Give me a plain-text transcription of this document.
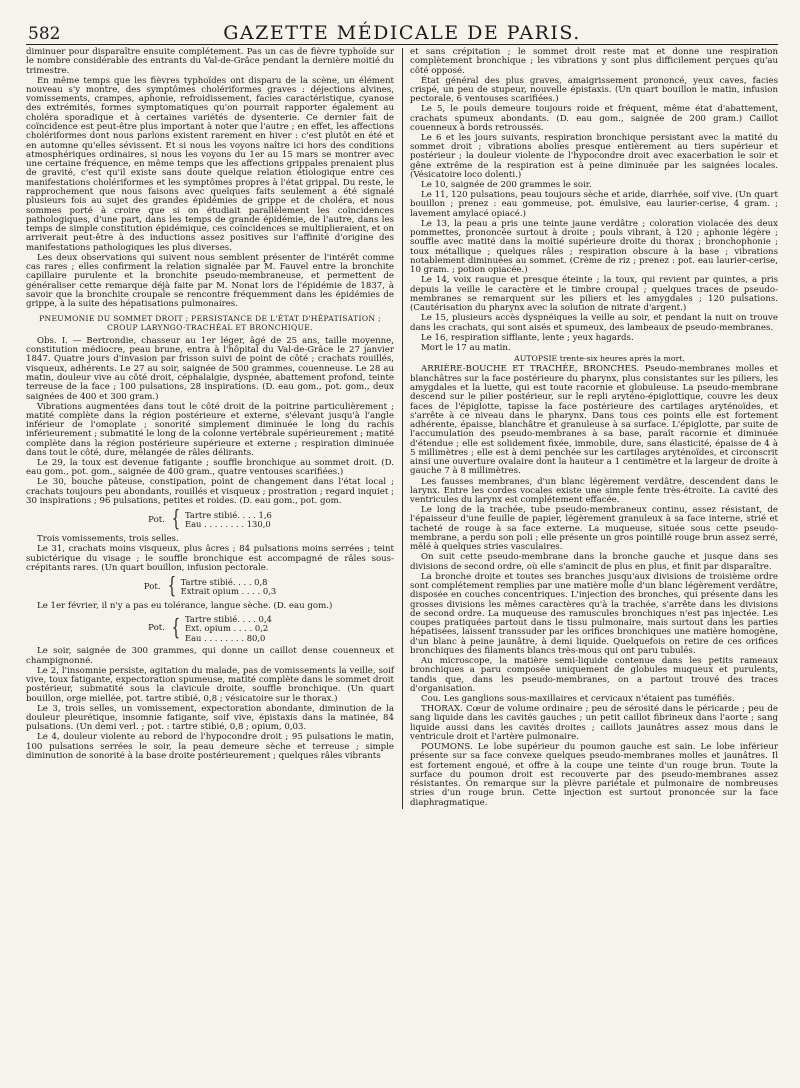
582	GAZETTE MÉDICALE DE PARIS.

diminuer pour disparaître ensuite complétement. Pas un cas de fièvre typhoïde sur le nombre considérable des entrants du Val-de-Grâce pendant la dernière moitié du trimestre.

En même temps que les fièvres typhoïdes ont disparu de la scène, un élément nouveau s'y montre, des symptômes cholériformes graves : déjections alvines, vomissements, crampes, aphonie, refroidissement, facies caractéristique, cyanose des extrémités, formes symptomatiques qu'on pourrait rapporter également au choléra sporadique et à certaines variétés de dysenterie. Ce dernier fait de coïncidence est peut-être plus important à noter que l'autre ; en effet, les affections cholériformes dont nous parlons existent rarement en hiver : c'est plutôt en été et en automne qu'elles sévissent. Et si nous les voyons naître ici hors des conditions atmosphériques ordinaires, si nous les voyons du 1er au 15 mars se montrer avec une certaine fréquence, en même temps que les affections grippales prenaient plus de gravité, c'est qu'il existe sans doute quelque relation étiologique entre ces manifestations cholériformes et les symptômes propres à l'état grippal. Du reste, le rapprochement que nous faisons avec quelques faits seulement a été signalé plusieurs fois au sujet des grandes épidémies de grippe et de choléra, et nous sommes porté à croire que si on étudiait parallèlement les coïncidences pathologiques, d'une part, dans les temps de grande épidémie, de l'autre, dans les temps de simple constitution épidémique, ces coïncidences se multiplieraient, et on arriverait peut-être à des inductions assez positives sur l'affinité d'origine des manifestations pathologiques les plus diverses.

Les deux observations qui suivent nous semblent présenter de l'intérêt comme cas rares ; elles confirment la relation signalée par M. Fauvel entre la bronchite capillaire purulente et la bronchite pseudo-membraneuse, et permettent de généraliser cette remarque déjà faite par M. Nonat lors de l'épidémie de 1837, à savoir que la bronchite croupale se rencontre fréquemment dans les épidémies de grippe, à la suite des hépatisations pulmonaires.

PNEUMONIE DU SOMMET DROIT ; PERSISTANCE DE L'ÉTAT D'HÉPATISATION ; CROUP LARYNGO-TRACHÉAL ET BRONCHIQUE.

Obs. I. — Bertrondie, chasseur au 1er léger, âgé de 25 ans, taille moyenne, constitution médiocre, peau brune, entra à l'hôpital du Val-de-Grâce le 27 janvier 1847. Quatre jours d'invasion par frisson suivi de point de côté ; crachats rouillés, visqueux, adhérents. Le 27 au soir, saignée de 500 grammes, couenneuse. Le 28 au matin, douleur vive au côté droit, céphalalgie, dyspnée, abattement profond, teinte terreuse de la face ; 100 pulsations, 28 inspirations. (D. eau gom., pot. gom., deux saignées de 400 et 300 gram.)

Vibrations augmentées dans tout le côté droit de la poitrine particulièrement ; matité complète dans la région postérieure et externe, s'élevant jusqu'à l'angle inférieur de l'omoplate ; sonorité simplement diminuée le long du rachis inférieurement ; submatité le long de la colonne vertébrale supérieurement ; matité complète dans la région postérieure supérieure et externe ; respiration diminuée dans tout le côté, dure, mélangée de râles délirants.

Le 29, la toux est devenue fatigante ; souffle bronchique au sommet droit. (D. eau gom., pot. gom., saignée de 400 gram., quatre ventouses scarifiées.)

Le 30, bouche pâteuse, constipation, point de changement dans l'état local ; crachats toujours peu abondants, rouillés et visqueux ; prostration ; regard inquiet ; 30 inspirations ; 96 pulsations, petites et roides. (D. eau gom., pot. gom.

Pot. { Tartre stibié. . . . 1,6
Eau . . . . . . . . 130,0

Trois vomissements, trois selles.

Le 31, crachats moins visqueux, plus âcres ; 84 pulsations moins serrées ; teint subictérique du visage ; le souffle bronchique est accompagné de râles sous-crépitants rares. (Un quart bouillon, infusion pectorale.

Pot. { Tartre stibié. . . . 0,8
Extrait opium . . . . 0,3

Le 1er février, il n'y a pas eu tolérance, langue sèche. (D. eau gom.)

Pot. { Tartre stibié. . . . 0,4
Ext. opium . . . . 0,2
Eau . . . . . . . . 80,0

Le soir, saignée de 300 grammes, qui donne un caillot dense couenneux et champignonné.

Le 2, l'insomnie persiste, agitation du malade, pas de vomissements la veille, soif vive, toux fatigante, expectoration spumeuse, matité complète dans le sommet droit postérieur, submatité sous la clavicule droite, souffle bronchique. (Un quart bouillon, orge miellée, pot. tartre stibié, 0,8 ; vésicatoire sur le thorax.)

Le 3, trois selles, un vomissement, expectoration abondante, diminution de la douleur pleurétique, insomnie fatigante, soif vive, épistaxis dans la matinée, 84 pulsations. (Un demi verl. ; pot. : tartre stibié, 0,8 ; opium, 0,03.

Le 4, douleur violente au rebord de l'hypocondre droit ; 95 pulsations le matin, 100 pulsations serrées le soir, la peau demeure sèche et terreuse ; simple diminution de sonorité à la base droite postérieurement ; quelques râles vibrants

et sans crépitation ; le sommet droit reste mat et donne une respiration complètement bronchique ; les vibrations y sont plus difficilement perçues qu'au côté opposé.

État général des plus graves, amaigrissement prononcé, yeux caves, facies crispé, un peu de stupeur, nouvelle épistaxis. (Un quart bouillon le matin, infusion pectorale, 6 ventouses scarifiées.)

Le 5, le pouls demeure toujours roide et fréquent, même état d'abattement, crachats spumeux abondants. (D. eau gom., saignée de 200 gram.) Caillot couenneux à bords retroussés.

Le 6 et les jours suivants, respiration bronchique persistant avec la matité du sommet droit ; vibrations abolies presque entièrement au tiers supérieur et postérieur ; la douleur violente de l'hypocondre droit avec exacerbation le soir et gêne extrême de la respiration est à peine diminuée par les saignées locales. (Vésicatoire loco dolenti.)

Le 10, saignée de 200 grammes le soir.

Le 11, 120 pulsations, peau toujours sèche et aride, diarrhée, soif vive. (Un quart bouillon ; prenez : eau gommeuse, pot. émulsive, eau laurier-cerise, 4 gram. ; lavement amylacé opiacé.)

Le 13, la peau a pris une teinte jaune verdâtre ; coloration violacée des deux pommettes, prononcée surtout à droite ; pouls vibrant, à 120 ; aphonie légère ; souffle avec matité dans la moitié supérieure droite du thorax ; bronchophonie ; toux métallique ; quelques râles ; respiration obscure à la base ; vibrations notablement diminuées au sommet. (Crème de riz ; prenez : pot. eau laurier-cerise, 10 gram. ; potion opiacée.)

Le 14, voix rauque et presque éteinte ; la toux, qui revient par quintes, a pris depuis la veille le caractère et le timbre croupal ; quelques traces de pseudo-membranes se remarquent sur les piliers et les amygdales ; 120 pulsations. (Cautérisation du pharynx avec la solution de nitrate d'argent.)

Le 15, plusieurs accès dyspnéiques la veille au soir, et pendant la nuit on trouve dans les crachats, qui sont aisés et spumeux, des lambeaux de pseudo-membranes.

Le 16, respiration sifflante, lente ; yeux hagards.

Mort le 17 au matin.

AUTOPSIE trente-six heures après la mort.

ARRIÈRE-BOUCHE ET TRACHÉE, BRONCHES. Pseudo-membranes molles et blanchâtres sur la face postérieure du pharynx, plus consistantes sur les piliers, les amygdales et la luette, qui est toute racornie et globuleuse. La pseudo-membrane descend sur le pilier postérieur, sur le repli aryténo-épiglottique, couvre les deux faces de l'épiglotte, tapisse la face postérieure des cartilages aryténoïdes, et s'arrête à ce niveau dans le pharynx. Dans tous ces points elle est fortement adhérente, épaisse, blanchâtre et granuleuse à sa surface. L'épiglotte, par suite de l'accumulation des pseudo-membranes à sa base, paraît racornie et diminuée d'étendue ; elle est solidement fixée, immobile, dure, sans élasticité, épaisse de 4 à 5 millimètres ; elle est à demi penchée sur les cartilages aryténoïdes, et circonscrit ainsi une ouverture ovalaire dont la hauteur a 1 centimètre et la largeur de droite à gauche 7 à 8 millimètres.

Les fausses membranes, d'un blanc légèrement verdâtre, descendent dans le larynx. Entre les cordes vocales existe une simple fente très-étroite. La cavité des ventricules du larynx est complétement effacée.

Le long de la trachée, tube pseudo-membraneux continu, assez résistant, de l'épaisseur d'une feuille de papier, légèrement granuleux à sa face interne, strié et tacheté de rouge à sa face externe. La muqueuse, située sous cette pseudo-membrane, a perdu son poli ; elle présente un gros pointillé rouge brun assez serré, mêlé à quelques stries vasculaires.

On suit cette pseudo-membrane dans la bronche gauche et jusque dans ses divisions de second ordre, où elle s'amincit de plus en plus, et finit par disparaître.

La bronche droite et toutes ses branches jusqu'aux divisions de troisième ordre sont complétement remplies par une matière molle d'un blanc légèrement verdâtre, disposée en couches concentriques. L'injection des bronches, qui présente dans les grosses divisions les mêmes caractères qu'à la trachée, s'arrête dans les divisions de second ordre. La muqueuse des ramuscules bronchiques n'est pas injectée. Les coupes pratiquées partout dans le tissu pulmonaire, mais surtout dans les parties hépatisées, laissent transsuder par les orifices bronchiques une matière homogène, d'un blanc à peine jaunâtre, à demi liquide. Quelquefois on retire de ces orifices bronchiques des filaments blancs très-mous qui ont paru tubulés.

Au microscope, la matière semi-liquide contenue dans les petits rameaux bronchiques a paru composée uniquement de globules muqueux et purulents, tandis que, dans les pseudo-membranes, on a partout trouvé des traces d'organisation.

Cou. Les ganglions sous-maxillaires et cervicaux n'étaient pas tuméfiés.

THORAX. Cœur de volume ordinaire ; peu de sérosité dans le péricarde ; peu de sang liquide dans les cavités gauches ; un petit caillot fibrineux dans l'aorte ; sang liquide aussi dans les cavités droites ; caillots jaunâtres assez mous dans le ventricule droit et l'artère pulmonaire.

POUMONS. Le lobe supérieur du poumon gauche est sain. Le lobe inférieur présente sur sa face convexe quelques pseudo-membranes molles et jaunâtres. Il est fortement engoué, et offre à la coupe une teinte d'un rouge brun. Toute la surface du poumon droit est recouverte par des pseudo-membranes assez résistantes. On remarque sur la plèvre pariétale et pulmonaire de nombreuses stries d'un rouge brun. Cette injection est surtout prononcée sur la face diaphragmatique.
